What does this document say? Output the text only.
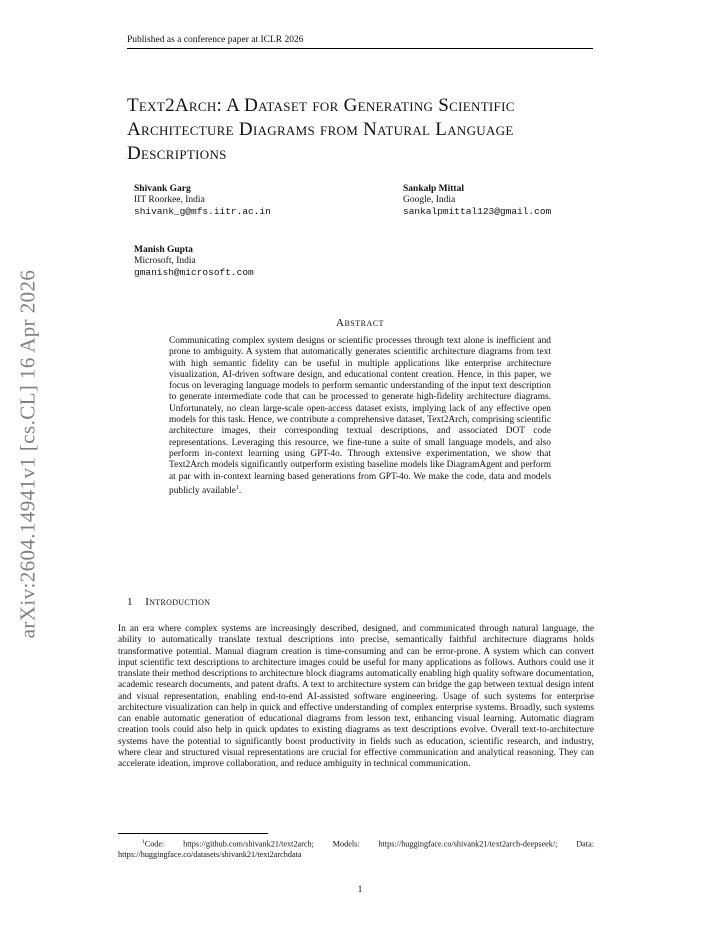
Published as a conference paper at ICLR 2026
Text2Arch: A Dataset for Generating Scientific Architecture Diagrams from Natural Language Descriptions
Shivank Garg
IIT Roorkee, India
shivank_g@mfs.iitr.ac.in
Sankalp Mittal
Google, India
sankalpmittal123@gmail.com
Manish Gupta
Microsoft, India
gmanish@microsoft.com
arXiv:2604.14941v1 [cs.CL] 16 Apr 2026	Abstract
Communicating complex system designs or scientific processes through text alone is inefficient and prone to ambiguity. A system that automatically generates scientific architecture diagrams from text with high semantic fidelity can be useful in multiple applications like enterprise architecture visualization, AI-driven software design, and educational content creation. Hence, in this paper, we focus on leveraging language models to perform semantic understanding of the input text description to generate intermediate code that can be processed to generate high-fidelity architecture diagrams. Unfortunately, no clean large-scale open-access dataset exists, implying lack of any effective open models for this task. Hence, we contribute a comprehensive dataset, Text2Arch, comprising scientific architecture images, their corresponding textual descriptions, and associated DOT code representations. Leveraging this resource, we fine-tune a suite of small language models, and also perform in-context learning using GPT-4o. Through extensive experimentation, we show that Text2Arch models significantly outperform existing baseline models like DiagramAgent and perform at par with in-context learning based generations from GPT-4o. We make the code, data and models publicly available$^1$.
1 Introduction
In an era where complex systems are increasingly described, designed, and communicated through natural language, the ability to automatically translate textual descriptions into precise, semantically faithful architecture diagrams holds transformative potential. Manual diagram creation is time-consuming and can be error-prone. A system which can convert input scientific text descriptions to architecture images could be useful for many applications as follows. Authors could use it translate their method descriptions to architecture block diagrams automatically enabling high quality software documentation, academic research documents, and patent drafts. A text to architecture system can bridge the gap between textual design intent and visual representation, enabling end-to-end AI-assisted software engineering. Usage of such systems for enterprise architecture visualization can help in quick and effective understanding of complex enterprise systems. Broadly, such systems can enable automatic generation of educational diagrams from lesson text, enhancing visual learning. Automatic diagram creation tools could also help in quick updates to existing diagrams as text descriptions evolve. Overall text-to-architecture systems have the potential to significantly boost productivity in fields such as education, scientific research, and industry, where clear and structured visual representations are crucial for effective communication and analytical reasoning. They can accelerate ideation, improve collaboration, and reduce ambiguity in technical communication.
$^1$Code: https://github.com/shivank21/text2arch; Models: https://huggingface.co/shivank21/text2arch-deepseek/; Data: https://huggingface.co/datasets/shivank21/text2archdata
1
